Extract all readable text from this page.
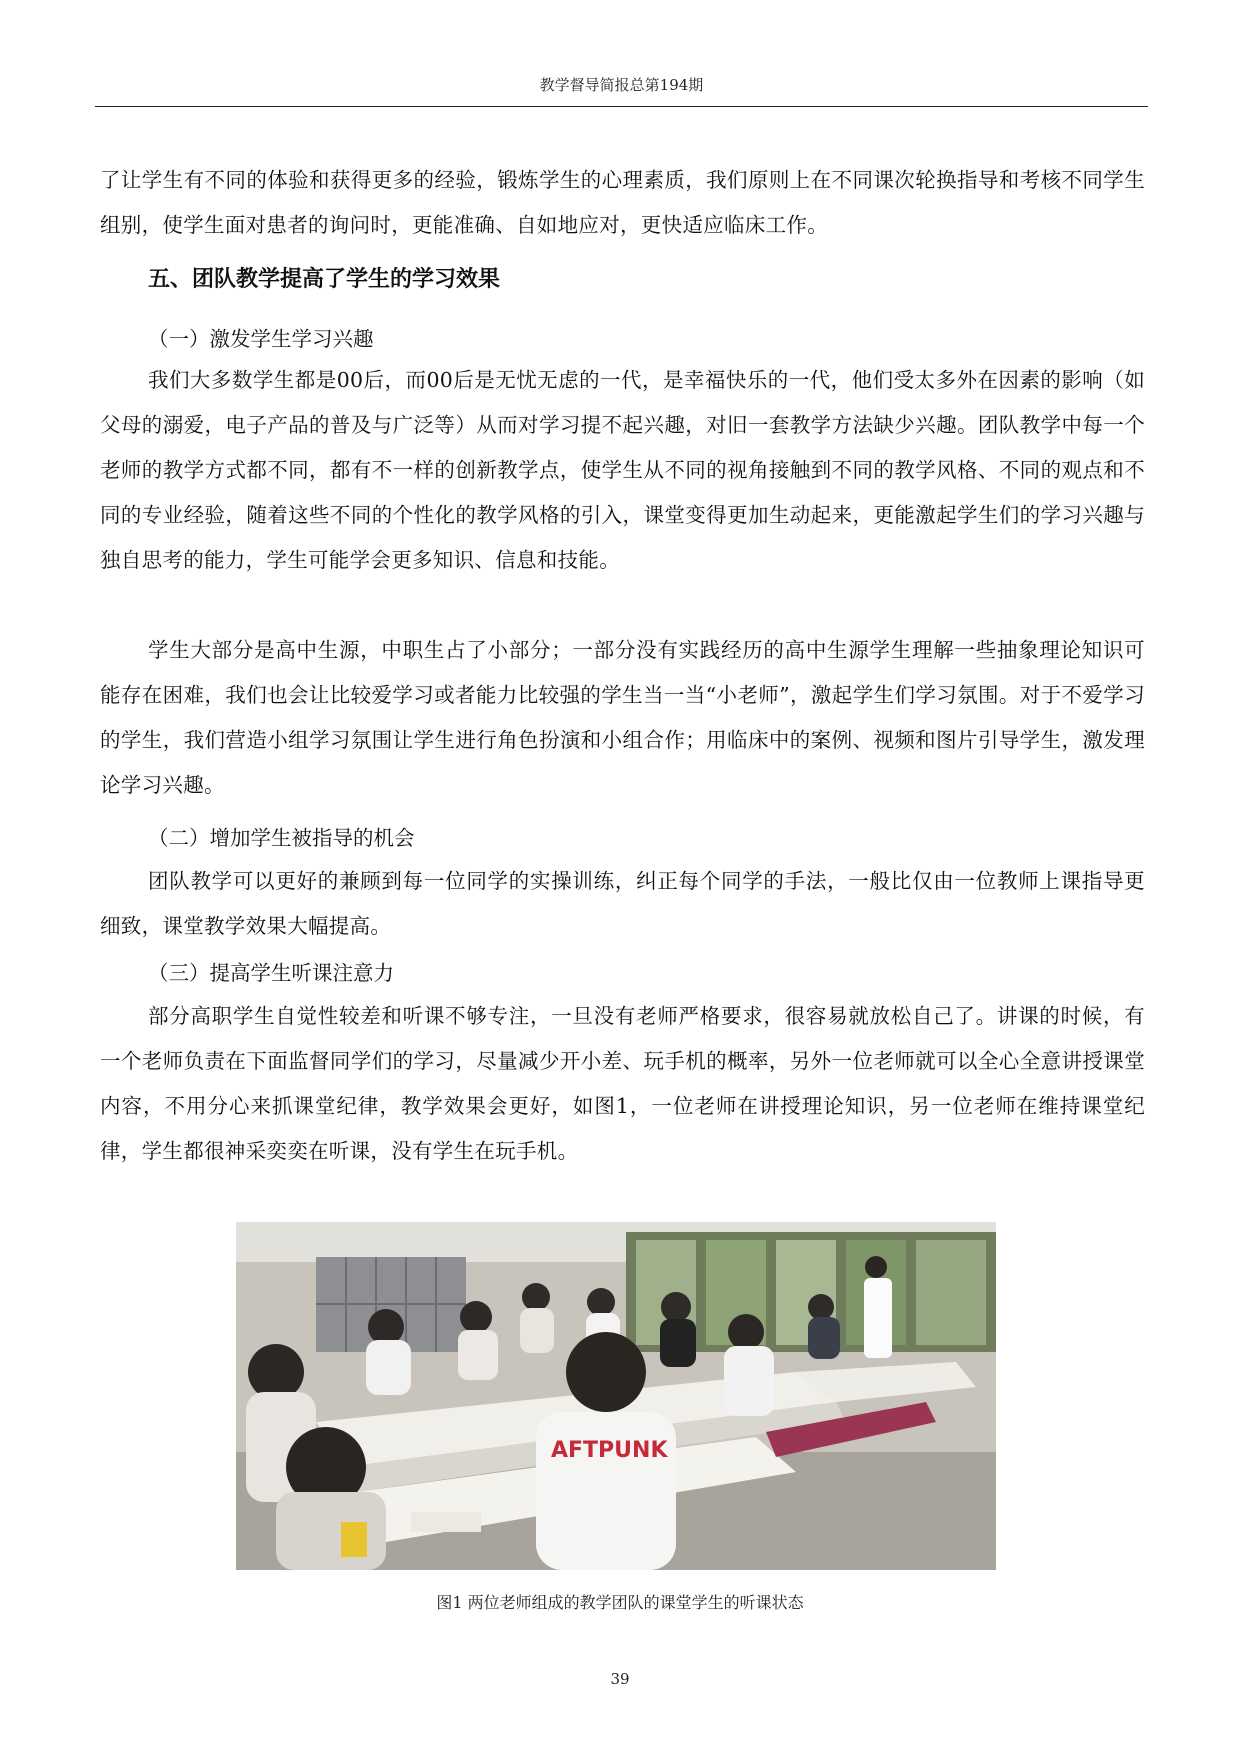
教学督导简报总第194期

了让学生有不同的体验和获得更多的经验，锻炼学生的心理素质，我们原则上在不同课次轮换指导和考核不同学生组别，使学生面对患者的询问时，更能准确、自如地应对，更快适应临床工作。

五、团队教学提高了学生的学习效果
（一）激发学生学习兴趣

我们大多数学生都是00后，而00后是无忧无虑的一代，是幸福快乐的一代，他们受太多外在因素的影响（如父母的溺爱，电子产品的普及与广泛等）从而对学习提不起兴趣，对旧一套教学方法缺少兴趣。团队教学中每一个老师的教学方式都不同，都有不一样的创新教学点，使学生从不同的视角接触到不同的教学风格、不同的观点和不同的专业经验，随着这些不同的个性化的教学风格的引入，课堂变得更加生动起来，更能激起学生们的学习兴趣与独自思考的能力，学生可能学会更多知识、信息和技能。

学生大部分是高中生源，中职生占了小部分；一部分没有实践经历的高中生源学生理解一些抽象理论知识可能存在困难，我们也会让比较爱学习或者能力比较强的学生当一当“小老师”，激起学生们学习氛围。对于不爱学习的学生，我们营造小组学习氛围让学生进行角色扮演和小组合作；用临床中的案例、视频和图片引导学生，激发理论学习兴趣。

（二）增加学生被指导的机会

团队教学可以更好的兼顾到每一位同学的实操训练，纠正每个同学的手法，一般比仅由一位教师上课指导更细致，课堂教学效果大幅提高。

（三）提高学生听课注意力

部分高职学生自觉性较差和听课不够专注，一旦没有老师严格要求，很容易就放松自己了。讲课的时候，有一个老师负责在下面监督同学们的学习，尽量减少开小差、玩手机的概率，另外一位老师就可以全心全意讲授课堂内容，不用分心来抓课堂纪律，教学效果会更好，如图1，一位老师在讲授理论知识，另一位老师在维持课堂纪律，学生都很神采奕奕在听课，没有学生在玩手机。

AFTPUNK
图1 两位老师组成的教学团队的课堂学生的听课状态
39
